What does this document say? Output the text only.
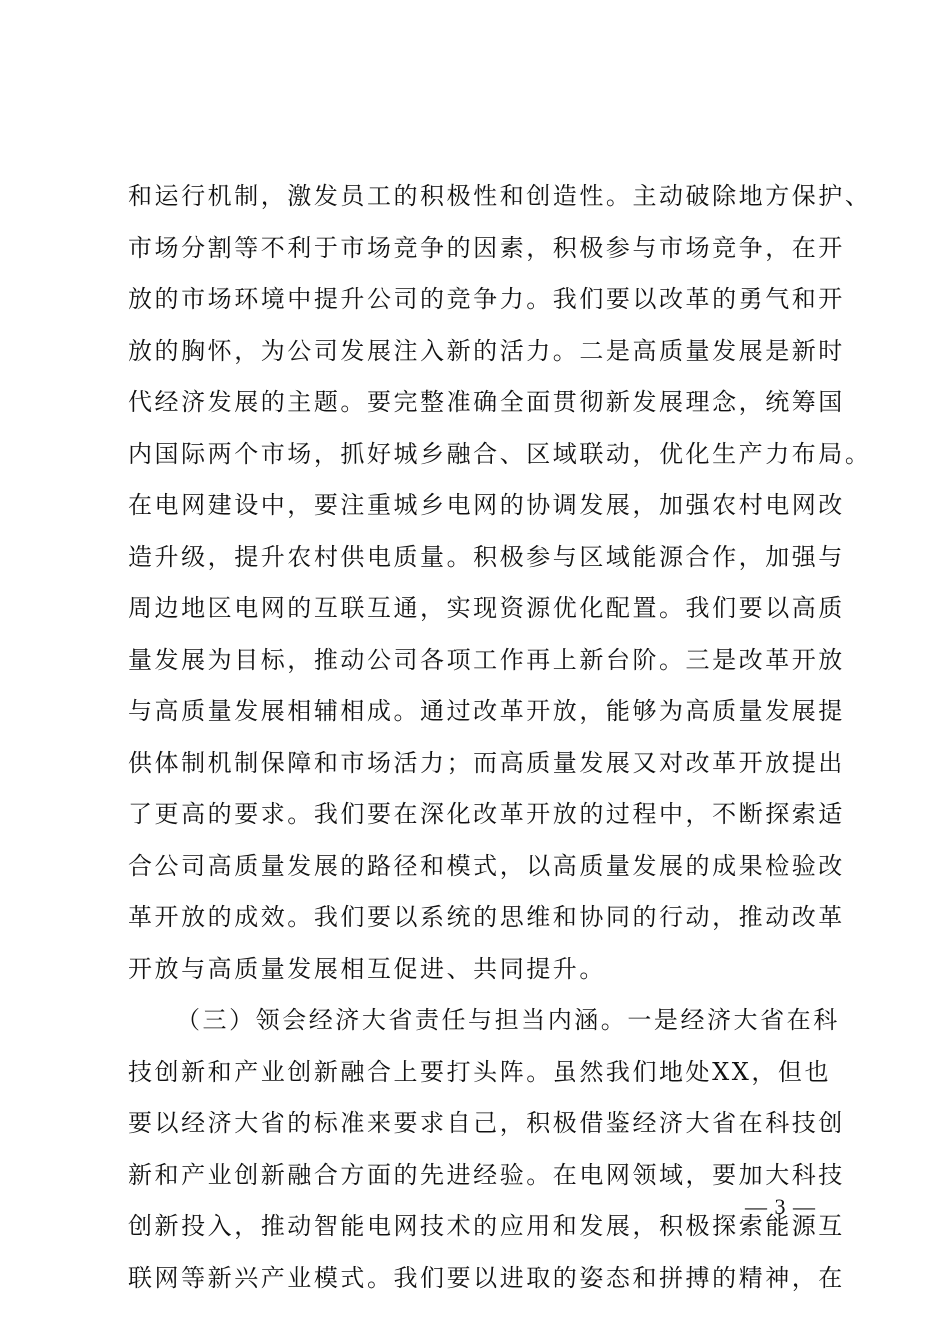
和运行机制，激发员工的积极性和创造性。主动破除地方保护、
市场分割等不利于市场竞争的因素，积极参与市场竞争，在开
放的市场环境中提升公司的竞争力。我们要以改革的勇气和开
放的胸怀，为公司发展注入新的活力。二是高质量发展是新时
代经济发展的主题。要完整准确全面贯彻新发展理念，统筹国
内国际两个市场，抓好城乡融合、区域联动，优化生产力布局。
在电网建设中，要注重城乡电网的协调发展，加强农村电网改
造升级，提升农村供电质量。积极参与区域能源合作，加强与
周边地区电网的互联互通，实现资源优化配置。我们要以高质
量发展为目标，推动公司各项工作再上新台阶。三是改革开放
与高质量发展相辅相成。通过改革开放，能够为高质量发展提
供体制机制保障和市场活力；而高质量发展又对改革开放提出
了更高的要求。我们要在深化改革开放的过程中，不断探索适
合公司高质量发展的路径和模式，以高质量发展的成果检验改
革开放的成效。我们要以系统的思维和协同的行动，推动改革
开放与高质量发展相互促进、共同提升。
（三）领会经济大省责任与担当内涵。一是经济大省在科
技创新和产业创新融合上要打头阵。虽然我们地处XX，但也
要以经济大省的标准来要求自己，积极借鉴经济大省在科技创
新和产业创新融合方面的先进经验。在电网领域，要加大科技
创新投入，推动智能电网技术的应用和发展，积极探索能源互
联网等新兴产业模式。我们要以进取的姿态和拼搏的精神，在
— 3 —
